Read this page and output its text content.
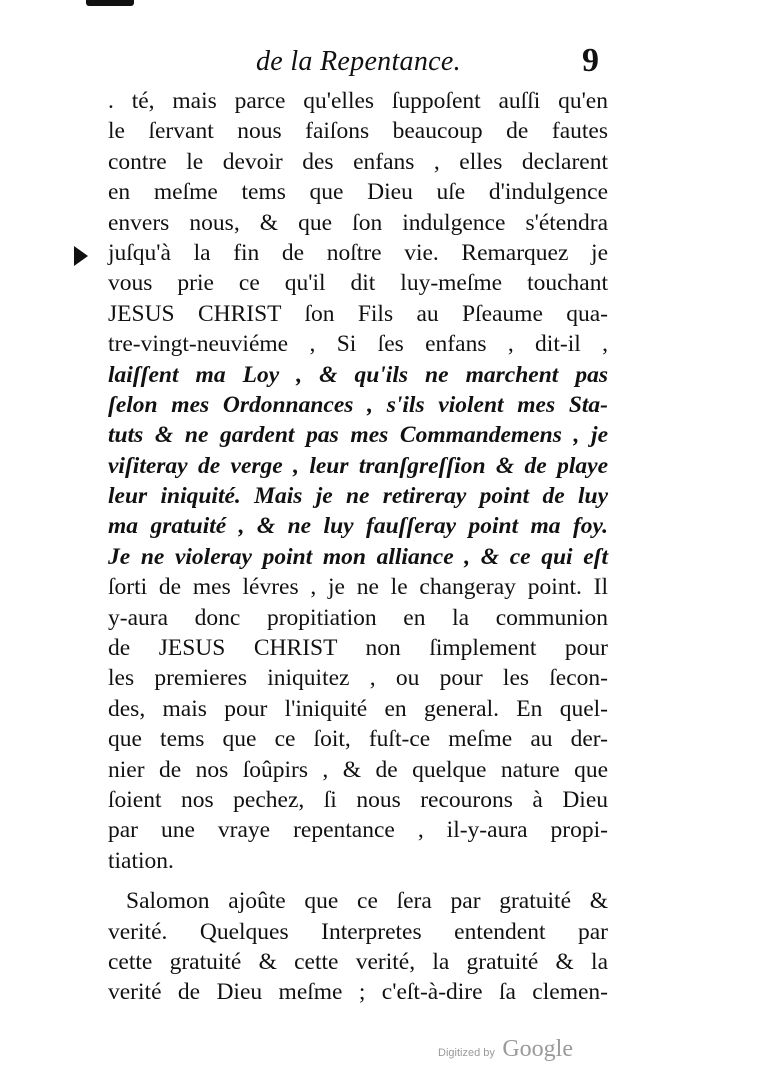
de la Repentance.	9
. té, mais parce qu'elles ſuppoſent auſſi qu'en
le ſervant nous faiſons beaucoup de fautes
contre le devoir des enfans , elles declarent
en meſme tems que Dieu uſe d'indulgence
envers nous, & que ſon indulgence s'étendra
juſqu'à la fin de noſtre vie. Remarquez je
vous prie ce qu'il dit luy-meſme touchant
JESUS CHRIST ſon Fils au Pſeaume qua-
tre-vingt-neuviéme , Si ſes enfans , dit-il ,
laiſſent ma Loy , & qu'ils ne marchent pas
ſelon mes Ordonnances , s'ils violent mes Sta-
tuts & ne gardent pas mes Commandemens , je
viſiteray de verge , leur tranſgreſſion & de playe
leur iniquité. Mais je ne retireray point de luy
ma gratuité , & ne luy fauſſeray point ma foy.
Je ne violeray point mon alliance , & ce qui eſt
ſorti de mes lévres , je ne le changeray point. Il
y-aura donc propitiation en la communion
de JESUS CHRIST non ſimplement pour
les premieres iniquitez , ou pour les ſecon-
des, mais pour l'iniquité en general. En quel-
que tems que ce ſoit, fuſt-ce meſme au der-
nier de nos ſoûpirs , & de quelque nature que
ſoient nos pechez, ſi nous recourons à Dieu
par une vraye repentance , il-y-aura propi-
tiation.
Salomon ajoûte que ce ſera par gratuité &
verité. Quelques Interpretes entendent par
cette gratuité & cette verité, la gratuité & la
verité de Dieu meſme ; c'eſt-à-dire ſa clemen-
Digitized by Google
